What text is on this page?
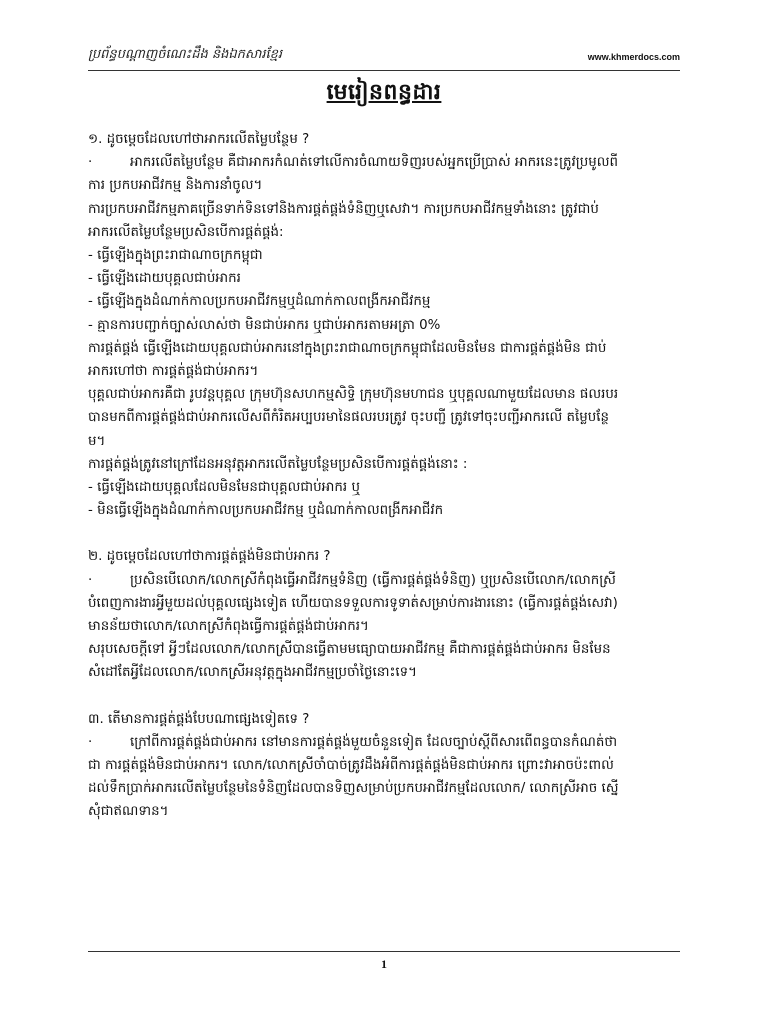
ប្រព័ន្ធបណ្ដាញចំណេះដឹង និងឯកសារខ្មែរ	www.khmerdocs.com
មេរៀនពន្ធដារ

១. ដូចម្ដេចដែលហៅថាអាករលើតម្លៃបន្ថែម ?

·	អាករលើតម្លៃបន្ថែម គឺជាអាករកំណត់ទៅលើការចំណាយទិញរបស់អ្នកប្រើប្រាស់ អាករនេះត្រូវប្រមូលពី

ការ ប្រកបអាជីវកម្ម និងការនាំចូល។

ការប្រកបអាជីវកម្មភាគច្រើនទាក់ទិនទៅនិងការផ្គត់ផ្គង់ទំនិញឬសេវា។ ការប្រកបអាជីវកម្មទាំងនោះ ត្រូវជាប់

អាករលើតម្លៃបន្ថែមប្រសិនបើការផ្គត់ផ្គង់:

- ធ្វើឡើងក្នុងព្រះរាជាណាចក្រកម្ពុជា

- ធ្វើឡើងដោយបុគ្គលជាប់អាករ

- ធ្វើឡើងក្នុងដំណាក់កាលប្រកបអាជីវកម្មឬដំណាក់កាលពង្រីកអាជីវកម្ម

- គ្មានការបញ្ជាក់ច្បាស់លាស់ថា មិនជាប់អាករ ឬជាប់អាករតាមអត្រា 0%

ការផ្គត់ផ្គង់ ធ្វើឡើងដោយបុគ្គលជាប់អាករនៅក្នុងព្រះរាជាណាចក្រកម្ពុជាដែលមិនមែន ជាការផ្គត់ផ្គង់មិន ជាប់

អាករហៅថា ការផ្គត់ផ្គង់ជាប់អាករ។

បុគ្គលជាប់អាករគឺជា រូបវន្តបុគ្គល ក្រុមហ៊ុនសហកម្មសិទ្ធិ ក្រុមហ៊ុនមហាជន ឬបុគ្គលណាមួយដែលមាន ផលរបរ

បានមកពីការផ្គត់ផ្គង់ជាប់អាករលើសពីកំរិតអប្បបរមានៃផលរបរត្រូវ ចុះបញ្ជី ត្រូវទៅចុះបញ្ជីអាករលើ តម្លៃបន្ថែ

ម។

ការផ្គត់ផ្គង់ត្រូវនៅក្រៅដែនអនុវត្តអាករលើតម្លៃបន្ថែមប្រសិនបើការផ្គត់ផ្គង់នោះ :

- ធ្វើឡើងដោយបុគ្គលដែលមិនមែនជាបុគ្គលជាប់អាករ ឬ

- មិនធ្វើឡើងក្នុងដំណាក់កាលប្រកបអាជីវកម្ម ឬដំណាក់កាលពង្រីកអាជីវក

២. ដូចម្ដេចដែលហៅថាការផ្គត់ផ្គង់មិនជាប់អាករ ?

·	ប្រសិនបើលោក/លោកស្រីកំពុងធ្វើអាជីវកម្មទំនិញ (ធ្វើការផ្គត់ផ្គង់ទំនិញ) ឬប្រសិនបើលោក/លោកស្រី

បំពេញការងារអ្វីមួយដល់បុគ្គលផ្សេងទៀត ហើយបានទទួលការទូទាត់សម្រាប់ការងារនោះ (ធ្វើការផ្គត់ផ្គង់សេវា)

មានន័យថាលោក/លោកស្រីកំពុងធ្វើការផ្គត់ផ្គង់ជាប់អាករ។

សរុបសេចក្ដីទៅ អ្វីៗដែលលោក/លោកស្រីបានធ្វើតាមមធ្យោបាយអាជីវកម្ម គឺជាការផ្គត់ផ្គង់ជាប់អាករ មិនមែន

សំដៅតែអ្វីដែលលោក/លោកស្រីអនុវត្តក្នុងអាជីវកម្មប្រចាំថ្ងៃនោះទេ។

៣. តើមានការផ្គត់ផ្គង់បែបណាផ្សេងទៀតទេ ?

·	ក្រៅពីការផ្គត់ផ្គង់ជាប់អាករ នៅមានការផ្គត់ផ្គង់មួយចំនួនទៀត ដែលច្បាប់ស្ដីពីសារពើពន្ធបានកំណត់ថា

ជា ការផ្គត់ផ្គង់មិនជាប់អាករ។ លោក/លោកស្រីចាំបាច់ត្រូវដឹងអំពីការផ្គត់ផ្គង់មិនជាប់អាករ ព្រោះវាអាចប៉ះពាល់

ដល់ទឹកប្រាក់អាករលើតម្លៃបន្ថែមនៃទំនិញដែលបានទិញសម្រាប់ប្រកបអាជីវកម្មដែលលោក/ លោកស្រីអាច ស្នើ

សុំជាឥណទាន។

1
